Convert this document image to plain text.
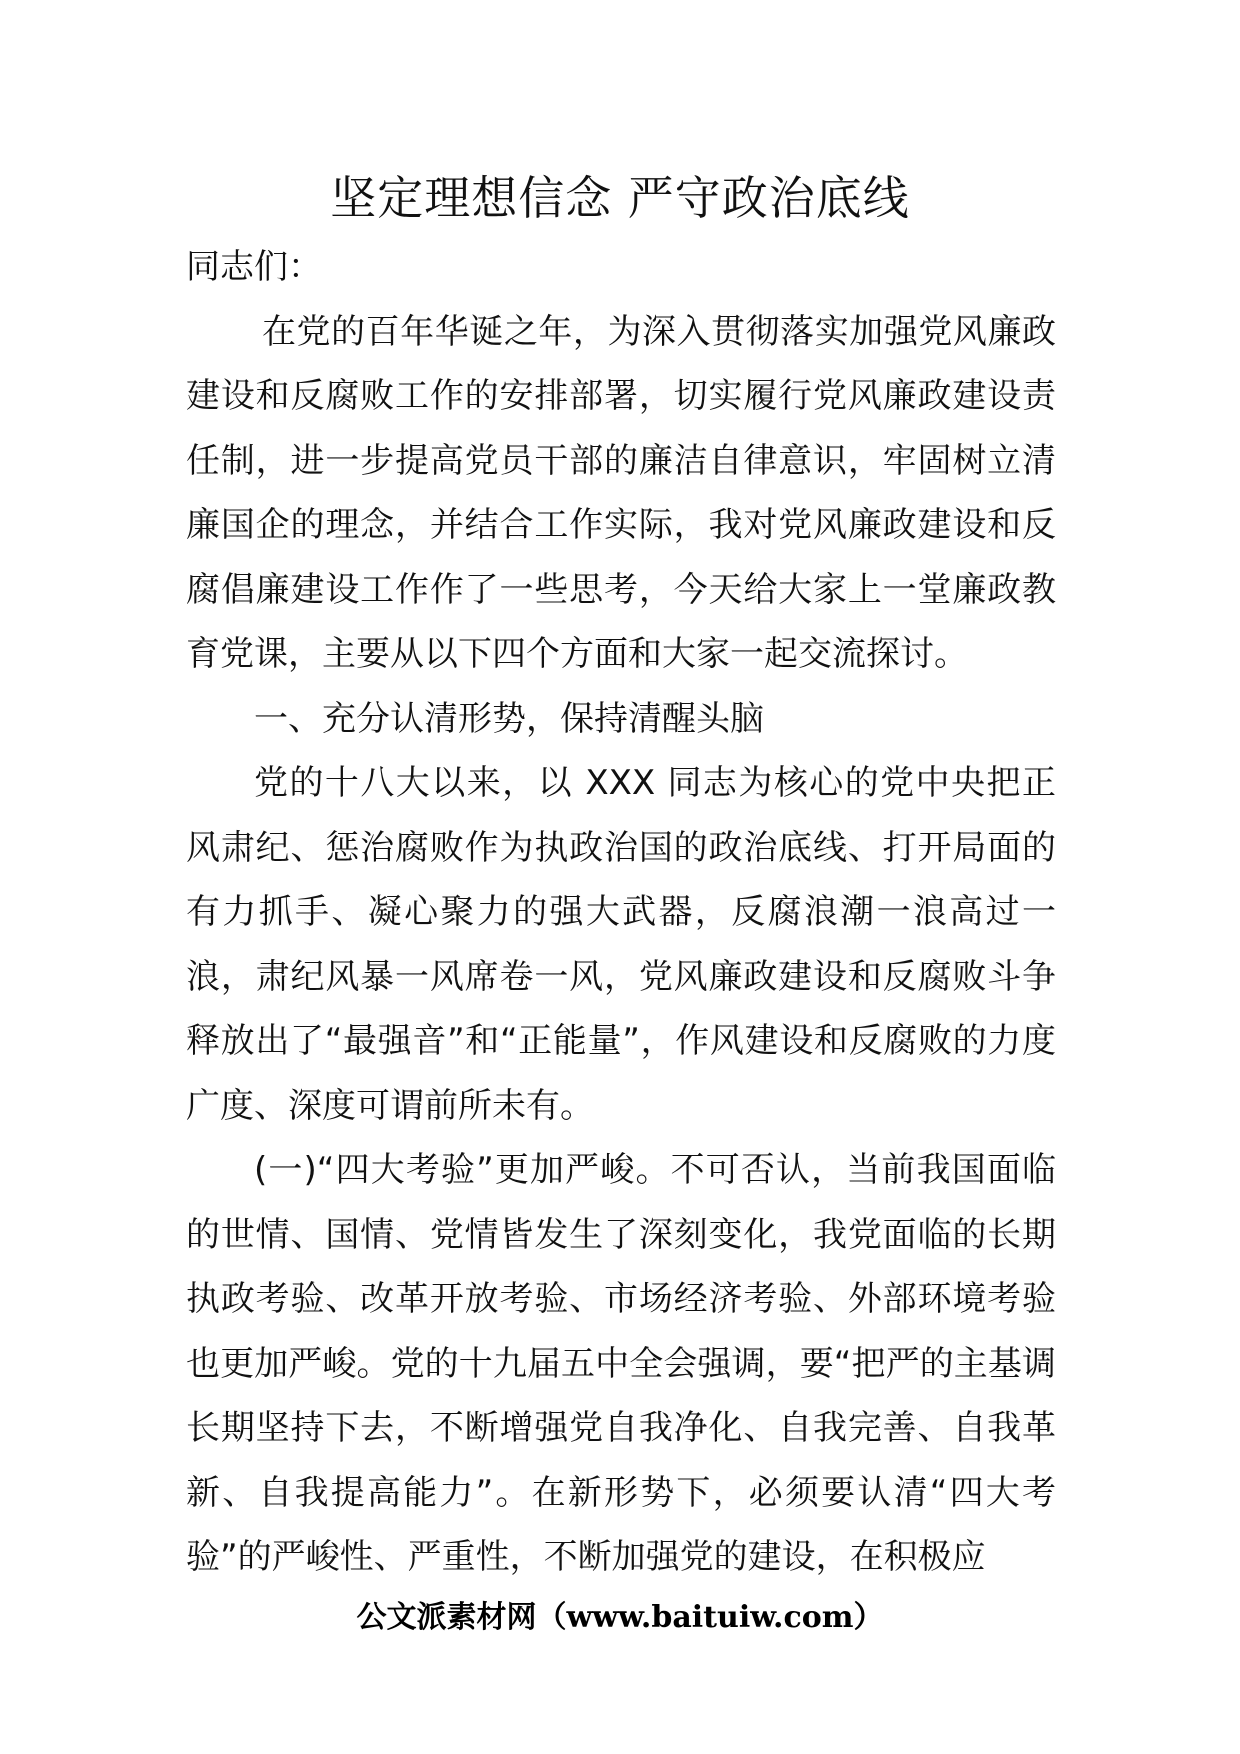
坚定理想信念 严守政治底线

同志们：

在党的百年华诞之年，为深入贯彻落实加强党风廉政建设和反腐败工作的安排部署，切实履行党风廉政建设责任制，进一步提高党员干部的廉洁自律意识，牢固树立清廉国企的理念，并结合工作实际，我对党风廉政建设和反腐倡廉建设工作作了一些思考，今天给大家上一堂廉政教育党课，主要从以下四个方面和大家一起交流探讨。

一、充分认清形势，保持清醒头脑

党的十八大以来，以 XXX 同志为核心的党中央把正风肃纪、惩治腐败作为执政治国的政治底线、打开局面的有力抓手、凝心聚力的强大武器，反腐浪潮一浪高过一浪，肃纪风暴一风席卷一风，党风廉政建设和反腐败斗争释放出了“最强音”和“正能量”，作风建设和反腐败的力度广度、深度可谓前所未有。

(一)“四大考验”更加严峻。不可否认，当前我国面临的世情、国情、党情皆发生了深刻变化，我党面临的长期执政考验、改革开放考验、市场经济考验、外部环境考验也更加严峻。党的十九届五中全会强调，要“把严的主基调长期坚持下去，不断增强党自我净化、自我完善、自我革新、自我提高能力”。在新形势下，必须要认清“四大考验”的严峻性、严重性，不断加强党的建设，在积极应

公文派素材网（www.baituiw.com）
